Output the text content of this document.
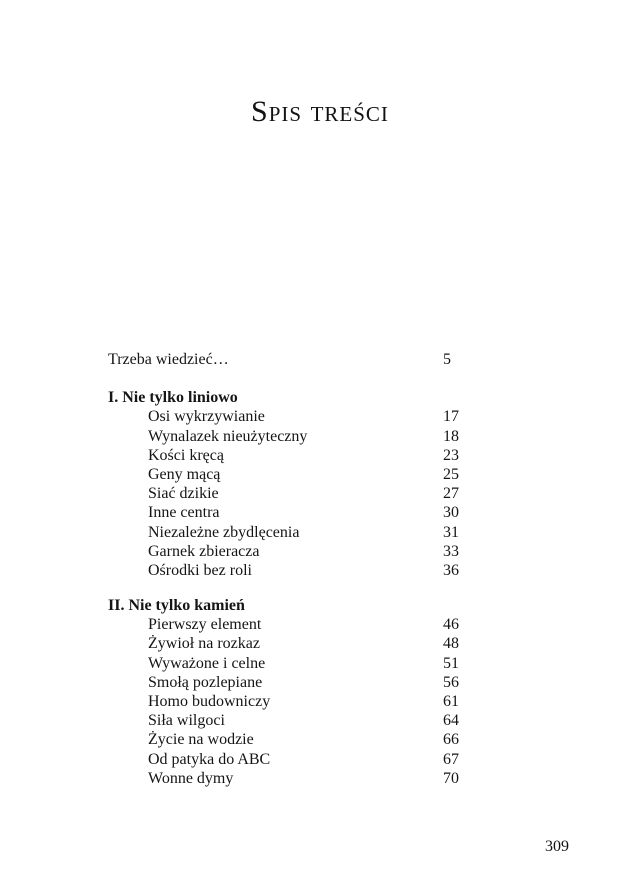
Spis treści
Trzeba wiedzieć…	5
I. Nie tylko liniowo
Osi wykrzywianie	17
Wynalazek nieużyteczny	18
Kości kręcą	23
Geny mącą	25
Siać dzikie	27
Inne centra	30
Niezależne zbydlęcenia	31
Garnek zbieracza	33
Ośrodki bez roli	36
II. Nie tylko kamień
Pierwszy element	46
Żywioł na rozkaz	48
Wyważone i celne	51
Smołą pozlepiane	56
Homo budowniczy	61
Siła wilgoci	64
Życie na wodzie	66
Od patyka do ABC	67
Wonne dymy	70
309
